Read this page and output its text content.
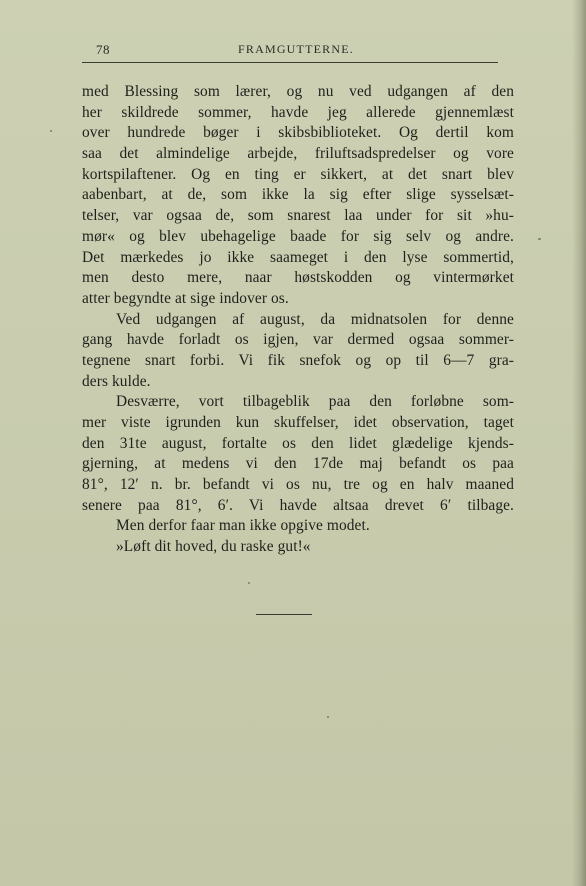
78	FRAMGUTTERNE.
med Blessing som lærer, og nu ved udgangen af den
her skildrede sommer, havde jeg allerede gjennemlæst
over hundrede bøger i skibsbiblioteket. Og dertil kom
saa det almindelige arbejde, friluftsadspredelser og vore
kortspilaftener. Og en ting er sikkert, at det snart blev
aabenbart, at de, som ikke la sig efter slige sysselsæt-
telser, var ogsaa de, som snarest laa under for sit »hu-
mør« og blev ubehagelige baade for sig selv og andre.
Det mærkedes jo ikke saameget i den lyse sommertid,
men desto mere, naar høstskodden og vintermørket
atter begyndte at sige indover os.
Ved udgangen af august, da midnatsolen for denne
gang havde forladt os igjen, var dermed ogsaa sommer-
tegnene snart forbi. Vi fik snefok og op til 6—7 gra-
ders kulde.
Desværre, vort tilbageblik paa den forløbne som-
mer viste igrunden kun skuffelser, idet observation, taget
den 31te august, fortalte os den lidet glædelige kjends-
gjerning, at medens vi den 17de maj befandt os paa
81°, 12′ n. br. befandt vi os nu, tre og en halv maaned
senere paa 81°, 6′. Vi havde altsaa drevet 6′ tilbage.
Men derfor faar man ikke opgive modet.
»Løft dit hoved, du raske gut!«
